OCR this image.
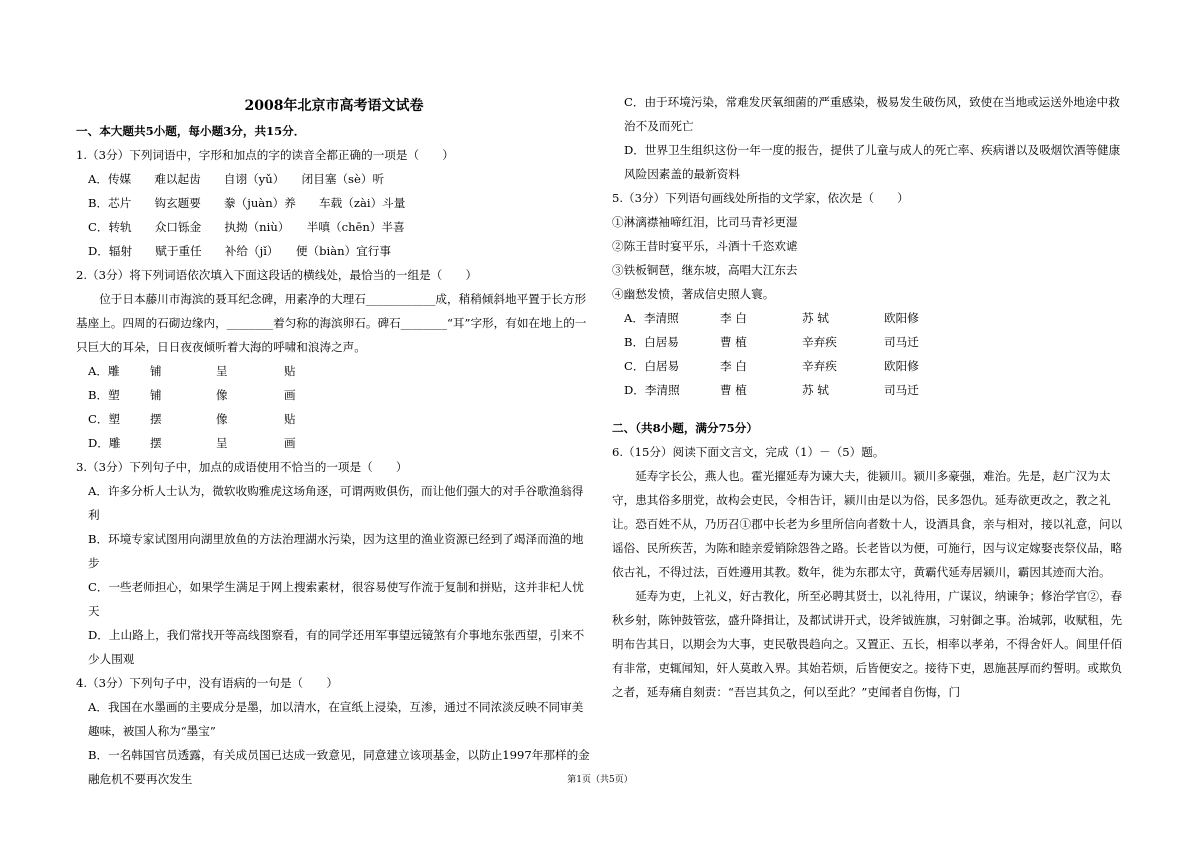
2008年北京市高考语文试卷

一、本大题共5小题，每小题3分，共15分．

1.（3分）下列词语中，字形和加点的字的读音全都正确的一项是（　　）

A．传媒　　难以起齿　　自诩（yǔ）　　闭目塞（sè）听

B．芯片　　钩玄题要　　豢（juàn）养　　车载（zài）斗量

C．转轨　　众口铄金　　执拗（niù）　　半嗔（chēn）半喜

D．辐射　　赋于重任　　补给（jǐ）　　便（biàn）宜行事

2.（3分）将下列词语依次填入下面这段话的横线处，最恰当的一组是（　　）

位于日本藤川市海滨的聂耳纪念碑，用素净的大理石____________成，稍稍倾斜地平置于长方形基座上。四周的石砌边缘内，________着匀称的海滨卵石。碑石________“耳”字形，有如在地上的一只巨大的耳朵，日日夜夜倾听着大海的呼啸和浪涛之声。

A．雕	铺	呈	贴
B．塑	铺	像	画
C．塑	摆	像	贴
D．雕	摆	呈	画

3.（3分）下列句子中，加点的成语使用不恰当的一项是（　　）

A．许多分析人士认为，微软收购雅虎这场角逐，可谓两败俱伤，而让他们强大的对手谷歌渔翁得利

B．环境专家试图用向湖里放鱼的方法治理湖水污染，因为这里的渔业资源已经到了竭泽而渔的地步

C．一些老师担心，如果学生满足于网上搜索素材，很容易使写作流于复制和拼贴，这并非杞人忧天

D．上山路上，我们常找开等高线图察看，有的同学还用军事望远镜煞有介事地东张西望，引来不少人围观

4.（3分）下列句子中，没有语病的一句是（　　）

A．我国在水墨画的主要成分是墨，加以清水，在宣纸上浸染，互渗，通过不同浓淡反映不同审美趣味，被国人称为“墨宝”

B．一名韩国官员透露，有关成员国已达成一致意见，同意建立该项基金，以防止1997年那样的金融危机不要再次发生

C．由于环境污染，常难发厌氧细菌的严重感染，极易发生破伤风，致使在当地或运送外地途中救治不及而死亡

D．世界卫生组织这份一年一度的报告，提供了儿童与成人的死亡率、疾病谱以及吸烟饮酒等健康风险因素盖的最新资料

5.（3分）下列语句画线处所指的文学家，依次是（　　）

①淋漓襟袖啼红泪，比司马青衫更湿

②陈王昔时宴平乐，斗酒十千恣欢谑

③铁板铜琶，继东坡，高唱大江东去

④幽愁发愤，著成信史照人寰。

A．李清照	李 白	苏 轼	欧阳修
B．白居易	曹 植	辛弃疾	司马迁
C．白居易	李 白	辛弃疾	欧阳修
D．李清照	曹 植	苏 轼	司马迁

二、（共8小题，满分75分）

6.（15分）阅读下面文言文，完成（1）－（5）题。

延寿字长公，燕人也。霍光擢延寿为谏大夫，徙颍川。颍川多豪强，难治。先是，赵广汉为太守，患其俗多朋党，故构会吏民，令相告讦，颍川由是以为俗，民多怨仇。延寿欲更改之，教之礼让。恐百姓不从，乃历召①郡中长老为乡里所信向者数十人，设酒具食，亲与相对，接以礼意，问以谣俗、民所疾苦，为陈和睦亲爱销除怨咎之路。长老皆以为便，可施行，因与议定嫁娶丧祭仪品，略依古礼，不得过法，百姓遵用其教。数年，徙为东郡太守，黄霸代延寿居颍川，霸因其迹而大治。

延寿为吏，上礼义，好古教化，所至必聘其贤士，以礼待用，广谋议，纳谏争；修治学官②，春秋乡射，陈钟鼓管弦，盛升降揖让，及都试讲开式，设斧钺旌旗，习射御之事。治城郭，收赋租，先明布告其日，以期会为大事，吏民敬畏趋向之。又置正、五长，相率以孝弟，不得舍奸人。闾里仟佰有非常，吏辄闻知，奸人莫敢入界。其始若烦，后皆便安之。接待下吏，恩施甚厚而约誓明。或欺负之者，延寿痛自刻责：“吾岂其负之，何以至此？”吏闻者自伤悔，门

第1页（共5页）
